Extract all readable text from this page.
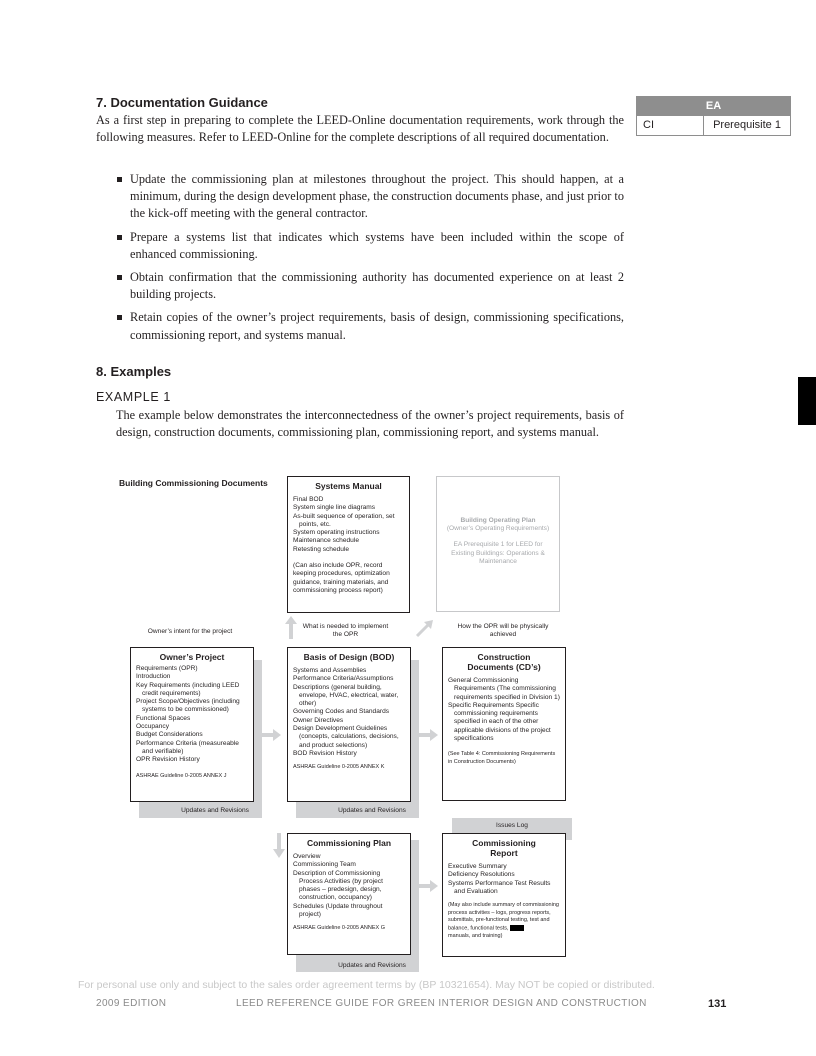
7. Documentation Guidance	EA
CI	Prerequisite 1

As a first step in preparing to complete the LEED-Online documentation requirements, work through the following measures. Refer to LEED-Online for the complete descriptions of all required documentation.

Update the commissioning plan at milestones throughout the project. This should happen, at a minimum, during the design development phase, the construction documents phase, and just prior to the kick-off meeting with the general contractor.
Prepare a systems list that indicates which systems have been included within the scope of enhanced commissioning.
Obtain confirmation that the commissioning authority has documented experience on at least 2 building projects.
Retain copies of the owner’s project requirements, basis of design, commissioning specifications, commissioning report, and systems manual.
8. Examples
EXAMPLE 1

The example below demonstrates the interconnectedness of the owner’s project requirements, basis of design, construction documents, commissioning plan, commissioning report, and systems manual.

Building Commissioning Documents	Systems Manual
Final BOD
System single line diagrams
As-built sequence of operation, set points, etc.
System operating instructions
Maintenance schedule
Retesting schedule
(Can also include OPR, record keeping procedures, optimization guidance, training materials, and commissioning process report)
Building Operating Plan
(Owner’s Operating Requirements)
EA Prerequisite 1 for LEED for Existing Buildings: Operations & Maintenance
Owner’s intent for the project
What is needed to implement the OPR
How the OPR will be physically achieved
Owner’s Project
Requirements (OPR)
Introduction
Key Requirements (including LEED credit requirements)
Project Scope/Objectives (including systems to be commissioned)
Functional Spaces
Occupancy
Budget Considerations
Performance Criteria (measureable and verifiable)
OPR Revision History
ASHRAE Guideline 0-2005 ANNEX J
Basis of Design (BOD)
Systems and Assemblies
Performance Criteria/Assumptions
Descriptions (general building, envelope, HVAC, electrical, water, other)
Governing Codes and Standards
Owner Directives
Design Development Guidelines (concepts, calculations, decisions, and product selections)
BOD Revision History
ASHRAE Guideline 0-2005 ANNEX K
Construction Documents (CD’s)
General Commissioning Requirements (The commissioning requirements specified in Division 1)
Specific Requirements Specific commissioning requirements specified in each of the other applicable divisions of the project specifications
(See Table 4: Commissioning Requirements in Construction Documents)
Updates and Revisions	Updates and Revisions
Issues Log
Commissioning Plan
Overview
Commissioning Team
Description of Commissioning Process Activities (by project phases – predesign, design, construction, occupancy)
Schedules (Update throughout project)
ASHRAE Guideline 0-2005 ANNEX G
Commissioning Report
Executive Summary
Deficiency Resolutions
Systems Performance Test Results and Evaluation
(May also include summary of commissioning process activities – logs, progress reports, submittals, pre-functional testing, test and balance, functional tests,
manuals, and training)
Updates and Revisions
For personal use only and subject to the sales order agreement terms by (BP 10321654). May NOT be copied or distributed.
2009 EDITION	LEED REFERENCE GUIDE FOR GREEN INTERIOR DESIGN AND CONSTRUCTION	131
